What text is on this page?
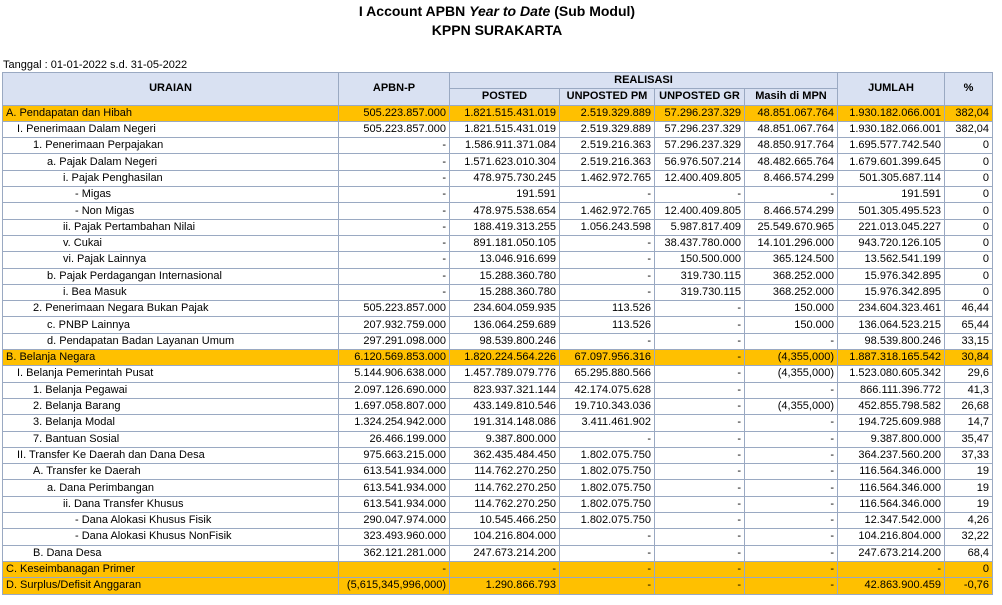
I Account APBN Year to Date (Sub Modul)
KPPN SURAKARTA
Tanggal : 01-01-2022 s.d. 31-05-2022
URAIAN	APBN-P	REALISASI				JUMLAH	%
		POSTED	UNPOSTED PM	UNPOSTED GR	Masih di MPN		
A. Pendapatan dan Hibah	505.223.857.000	1.821.515.431.019	2.519.329.889	57.296.237.329	48.851.067.764	1.930.182.066.001	382,04
I. Penerimaan Dalam Negeri	505.223.857.000	1.821.515.431.019	2.519.329.889	57.296.237.329	48.851.067.764	1.930.182.066.001	382,04
1. Penerimaan Perpajakan	-	1.586.911.371.084	2.519.216.363	57.296.237.329	48.850.917.764	1.695.577.742.540	0
a. Pajak Dalam Negeri	-	1.571.623.010.304	2.519.216.363	56.976.507.214	48.482.665.764	1.679.601.399.645	0
i. Pajak Penghasilan	-	478.975.730.245	1.462.972.765	12.400.409.805	8.466.574.299	501.305.687.114	0
- Migas	-	191.591	-	-	-	191.591	0
- Non Migas	-	478.975.538.654	1.462.972.765	12.400.409.805	8.466.574.299	501.305.495.523	0
ii. Pajak Pertambahan Nilai	-	188.419.313.255	1.056.243.598	5.987.817.409	25.549.670.965	221.013.045.227	0
v. Cukai	-	891.181.050.105	-	38.437.780.000	14.101.296.000	943.720.126.105	0
vi. Pajak Lainnya	-	13.046.916.699	-	150.500.000	365.124.500	13.562.541.199	0
b. Pajak Perdagangan Internasional	-	15.288.360.780	-	319.730.115	368.252.000	15.976.342.895	0
i. Bea Masuk	-	15.288.360.780	-	319.730.115	368.252.000	15.976.342.895	0
2. Penerimaan Negara Bukan Pajak	505.223.857.000	234.604.059.935	113.526	-	150.000	234.604.323.461	46,44
c. PNBP Lainnya	207.932.759.000	136.064.259.689	113.526	-	150.000	136.064.523.215	65,44
d. Pendapatan Badan Layanan Umum	297.291.098.000	98.539.800.246	-	-	-	98.539.800.246	33,15
B. Belanja Negara	6.120.569.853.000	1.820.224.564.226	67.097.956.316	-	(4,355,000)	1.887.318.165.542	30,84
I. Belanja Pemerintah Pusat	5.144.906.638.000	1.457.789.079.776	65.295.880.566	-	(4,355,000)	1.523.080.605.342	29,6
1. Belanja Pegawai	2.097.126.690.000	823.937.321.144	42.174.075.628	-	-	866.111.396.772	41,3
2. Belanja Barang	1.697.058.807.000	433.149.810.546	19.710.343.036	-	(4,355,000)	452.855.798.582	26,68
3. Belanja Modal	1.324.254.942.000	191.314.148.086	3.411.461.902	-	-	194.725.609.988	14,7
7. Bantuan Sosial	26.466.199.000	9.387.800.000	-	-	-	9.387.800.000	35,47
II. Transfer Ke Daerah dan Dana Desa	975.663.215.000	362.435.484.450	1.802.075.750	-	-	364.237.560.200	37,33
A. Transfer ke Daerah	613.541.934.000	114.762.270.250	1.802.075.750	-	-	116.564.346.000	19
a. Dana Perimbangan	613.541.934.000	114.762.270.250	1.802.075.750	-	-	116.564.346.000	19
ii. Dana Transfer Khusus	613.541.934.000	114.762.270.250	1.802.075.750	-	-	116.564.346.000	19
- Dana Alokasi Khusus Fisik	290.047.974.000	10.545.466.250	1.802.075.750	-	-	12.347.542.000	4,26
- Dana Alokasi Khusus NonFisik	323.493.960.000	104.216.804.000	-	-	-	104.216.804.000	32,22
B. Dana Desa	362.121.281.000	247.673.214.200	-	-	-	247.673.214.200	68,4
C. Keseimbanagan Primer	-	-	-	-	-	-	0
D. Surplus/Defisit Anggaran	(5,615,345,996,000)	1.290.866.793	-	-	-	42.863.900.459	-0,76
